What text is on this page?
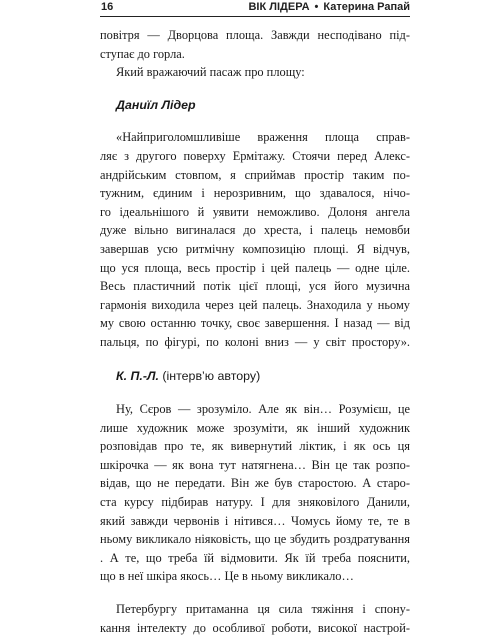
16	ВІК ЛІДЕРА • Катерина Рапай
повітря — Дворцова площа. Завжди несподівано під-
ступає до горла.
Який вражаючий пасаж про площу:
Даниїл Лідер
«Найприголомшливіше враження площа справ-
ляє з другого поверху Ермітажу. Стоячи перед Алекс-
андрійським стовпом, я сприймав простір таким по-
тужним, єдиним і нерозривним, що здавалося, нічо-
го ідеальнішого й уявити неможливо. Долоня ангела
дуже вільно вигиналася до хреста, і палець немовби
завершав усю ритмічну композицію площі. Я відчув,
що уся площа, весь простір і цей палець — одне ціле.
Весь пластичний потік цієї площі, уся його музична
гармонія виходила через цей палець. Знаходила у ньому
му свою останню точку, своє завершення. І назад — від
пальця, по фігурі, по колоні вниз — у світ простору».
К. П.-Л. (інтерв’ю автору)
Ну, Сєров — зрозуміло. Але як він… Розумієш, це
лише художник може зрозуміти, як інший художник
розповідав про те, як вивернутий ліктик, і як ось ця
шкірочка — як вона тут натягнена… Він це так розпо-
відав, що не передати. Він же був старостою. А старо-
ста курсу підбирав натуру. І для зняковілого Данили,
який завжди червонів і нітився… Чомусь йому те, те в
ньому викликало ніяковість, що це збудить роздратування
. А те, що треба їй відмовити. Як їй треба пояснити,
що в неї шкіра якось… Це в ньому викликало…
Петербургу притаманна ця сила тяжіння і спону-
кання інтелекту до особливої роботи, високої настрой-
